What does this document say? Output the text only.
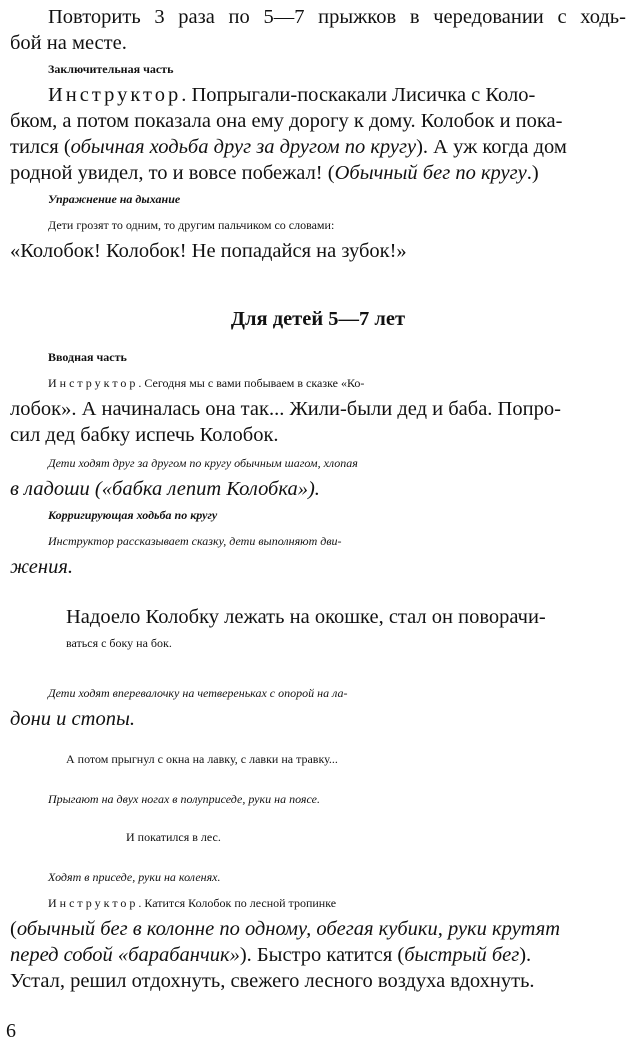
Повторить 3 раза по 5—7 прыжков в чередовании с ходь-
бой на месте.
Заключительная часть
Инструктор. Попрыгали-поскакали Лисичка с Коло-
бком, а потом показала она ему дорогу к дому. Колобок и пока-
тился (обычная ходьба друг за другом по кругу). А уж когда дом
родной увидел, то и вовсе побежал! (Обычный бег по кругу.)
Упражнение на дыхание
Дети грозят то одним, то другим пальчиком со словами:
«Колобок! Колобок! Не попадайся на зубок!»
Для детей 5—7 лет
Вводная часть
Инструктор. Сегодня мы с вами побываем в сказке «Ко-
лобок». А начиналась она так... Жили-были дед и баба. Попро-
сил дед бабку испечь Колобок.
Дети ходят друг за другом по кругу обычным шагом, хлопая
в ладоши («бабка лепит Колобка»).
Корригирующая ходьба по кругу
Инструктор рассказывает сказку, дети выполняют дви-
жения.
Надоело Колобку лежать на окошке, стал он поворачи-
ваться с боку на бок.
Дети ходят вперевалочку на четвереньках с опорой на ла-
дони и стопы.
А потом прыгнул с окна на лавку, с лавки на травку...
Прыгают на двух ногах в полуприседе, руки на поясе.
И покатился в лес.
Ходят в приседе, руки на коленях.
Инструктор. Катится Колобок по лесной тропинке
(обычный бег в колонне по одному, обегая кубики, руки крутят
перед собой «барабанчик»). Быстро катится (быстрый бег).
Устал, решил отдохнуть, свежего лесного воздуха вдохнуть.
6
